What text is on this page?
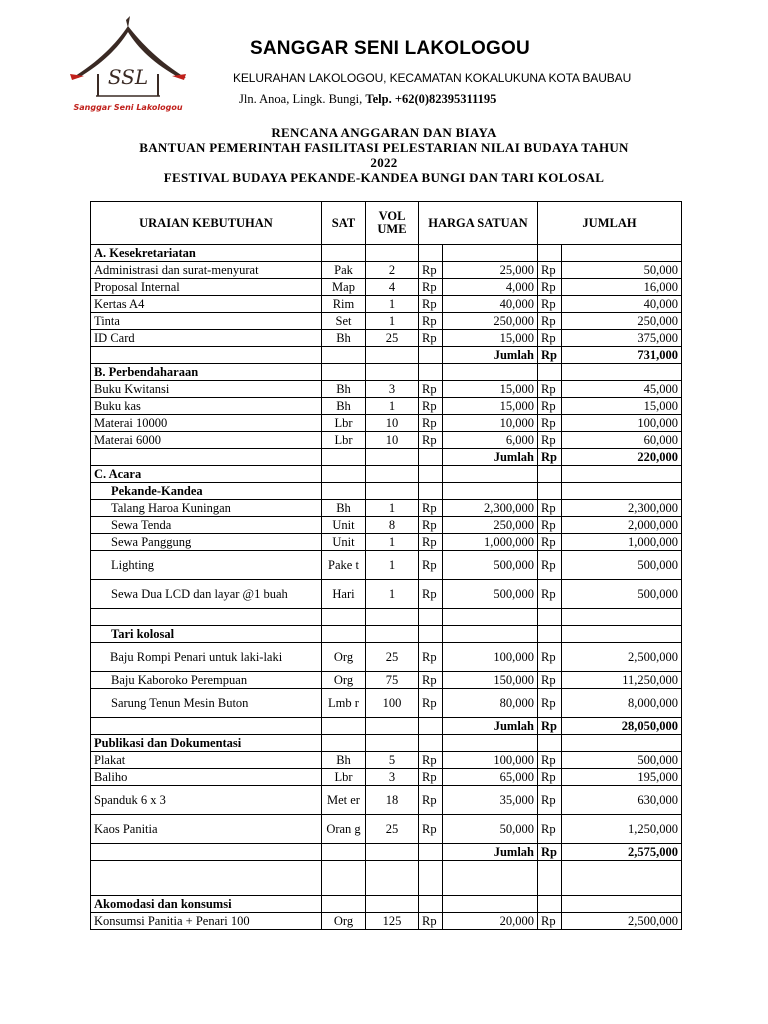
SSL
Sanggar Seni Lakologou
SANGGAR SENI LAKOLOGOU
KELURAHAN LAKOLOGOU, KECAMATAN KOKALUKUNA KOTA BAUBAU
Jln. Anoa, Lingk. Bungi, Telp. +62(0)82395311195
RENCANA ANGGARAN DAN BIAYA
BANTUAN PEMERINTAH FASILITASI PELESTARIAN NILAI BUDAYA TAHUN
2022
FESTIVAL BUDAYA PEKANDE-KANDEA BUNGI DAN TARI KOLOSAL
URAIAN KEBUTUHAN	SAT	VOL UME	HARGA SATUAN		JUMLAH	
A. Kesekretariatan						
Administrasi dan surat-menyurat	Pak	2	Rp	25,000	Rp	50,000
Proposal Internal	Map	4	Rp	4,000	Rp	16,000
Kertas A4	Rim	1	Rp	40,000	Rp	40,000
Tinta	Set	1	Rp	250,000	Rp	250,000
ID Card	Bh	25	Rp	15,000	Rp	375,000
				Jumlah	Rp	731,000
B. Perbendaharaan						
Buku Kwitansi	Bh	3	Rp	15,000	Rp	45,000
Buku kas	Bh	1	Rp	15,000	Rp	15,000
Materai 10000	Lbr	10	Rp	10,000	Rp	100,000
Materai 6000	Lbr	10	Rp	6,000	Rp	60,000
				Jumlah	Rp	220,000
C. Acara						
Pekande-Kandea						
Talang Haroa Kuningan	Bh	1	Rp	2,300,000	Rp	2,300,000
Sewa Tenda	Unit	8	Rp	250,000	Rp	2,000,000
Sewa Panggung	Unit	1	Rp	1,000,000	Rp	1,000,000
Lighting	Pake t	1	Rp	500,000	Rp	500,000
Sewa Dua LCD dan layar @1 buah	Hari	1	Rp	500,000	Rp	500,000

Tari kolosal						
Baju Rompi Penari untuk laki-laki	Org	25	Rp	100,000	Rp	2,500,000
Baju Kaboroko Perempuan	Org	75	Rp	150,000	Rp	11,250,000
Sarung Tenun Mesin Buton	Lmb r	100	Rp	80,000	Rp	8,000,000
				Jumlah	Rp	28,050,000
Publikasi dan Dokumentasi						
Plakat	Bh	5	Rp	100,000	Rp	500,000
Baliho	Lbr	3	Rp	65,000	Rp	195,000
Spanduk 6 x 3	Met er	18	Rp	35,000	Rp	630,000
Kaos Panitia	Oran g	25	Rp	50,000	Rp	1,250,000
				Jumlah	Rp	2,575,000

Akomodasi dan konsumsi						
Konsumsi Panitia + Penari 100	Org	125	Rp	20,000	Rp	2,500,000
